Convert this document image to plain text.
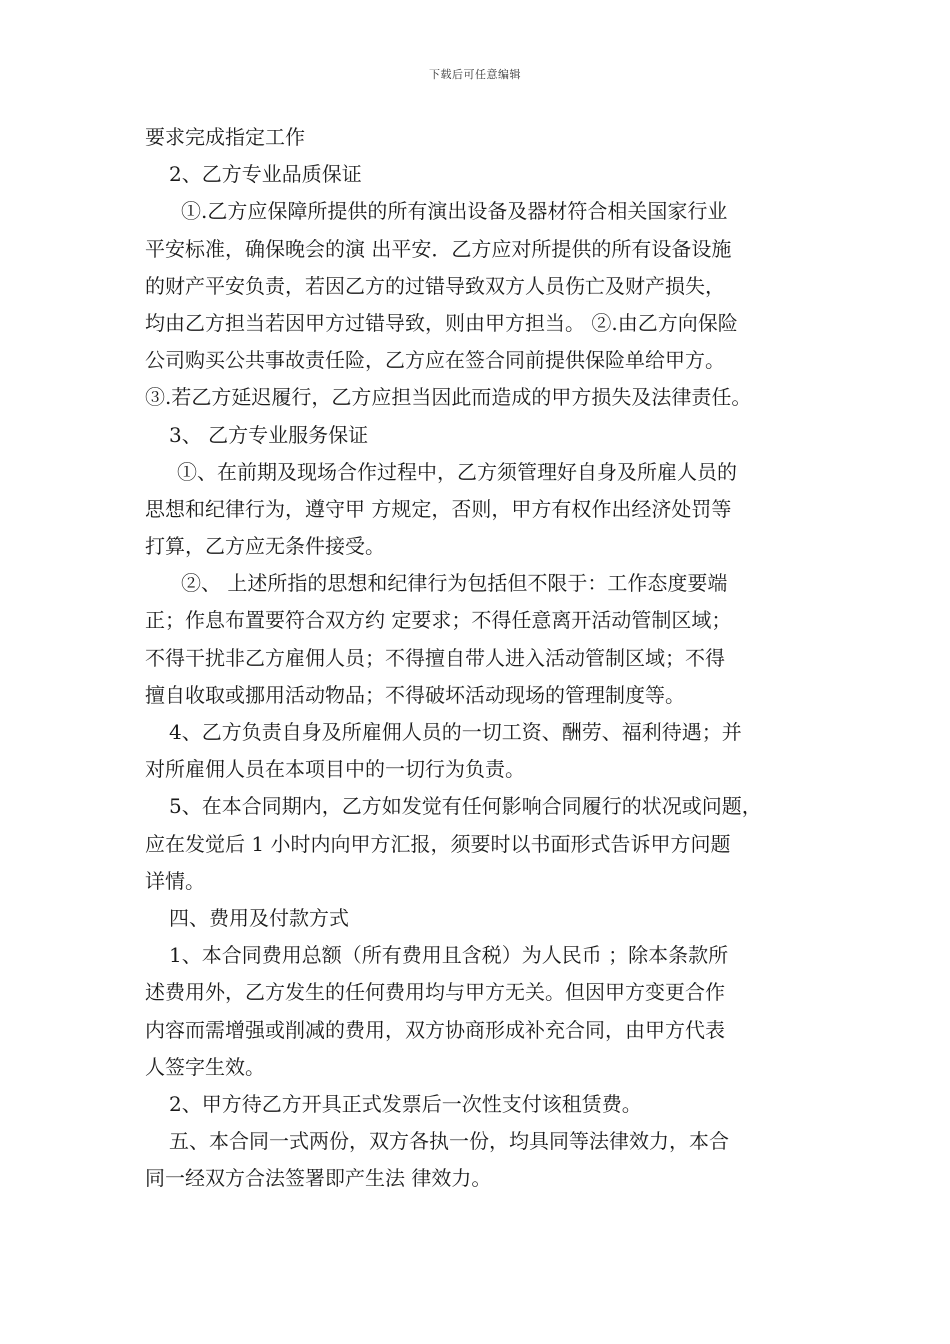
下载后可任意编辑
要求完成指定工作
2、乙方专业品质保证
①.乙方应保障所提供的所有演出设备及器材符合相关国家行业
平安标准，确保晚会的演 出平安．乙方应对所提供的所有设备设施
的财产平安负责，若因乙方的过错导致双方人员伤亡及财产损失，
均由乙方担当若因甲方过错导致，则由甲方担当。 ②.由乙方向保险
公司购买公共事故责任险，乙方应在签合同前提供保险单给甲方。
③.若乙方延迟履行，乙方应担当因此而造成的甲方损失及法律责任。
3、 乙方专业服务保证
①、在前期及现场合作过程中，乙方须管理好自身及所雇人员的
思想和纪律行为，遵守甲 方规定，否则，甲方有权作出经济处罚等
打算，乙方应无条件接受。
②、 上述所指的思想和纪律行为包括但不限于：工作态度要端
正；作息布置要符合双方约 定要求；不得任意离开活动管制区域；
不得干扰非乙方雇佣人员；不得擅自带人进入活动管制区域；不得
擅自收取或挪用活动物品；不得破坏活动现场的管理制度等。
4、乙方负责自身及所雇佣人员的一切工资、酬劳、福利待遇；并
对所雇佣人员在本项目中的一切行为负责。
5、在本合同期内，乙方如发觉有任何影响合同履行的状况或问题，
应在发觉后 1 小时内向甲方汇报，须要时以书面形式告诉甲方问题
详情。
四、费用及付款方式
1、本合同费用总额（所有费用且含税）为人民币 ；除本条款所
述费用外，乙方发生的任何费用均与甲方无关。但因甲方变更合作
内容而需增强或削减的费用，双方协商形成补充合同，由甲方代表
人签字生效。
2、甲方待乙方开具正式发票后一次性支付该租赁费。
五、本合同一式两份，双方各执一份，均具同等法律效力，本合
同一经双方合法签署即产生法 律效力。
